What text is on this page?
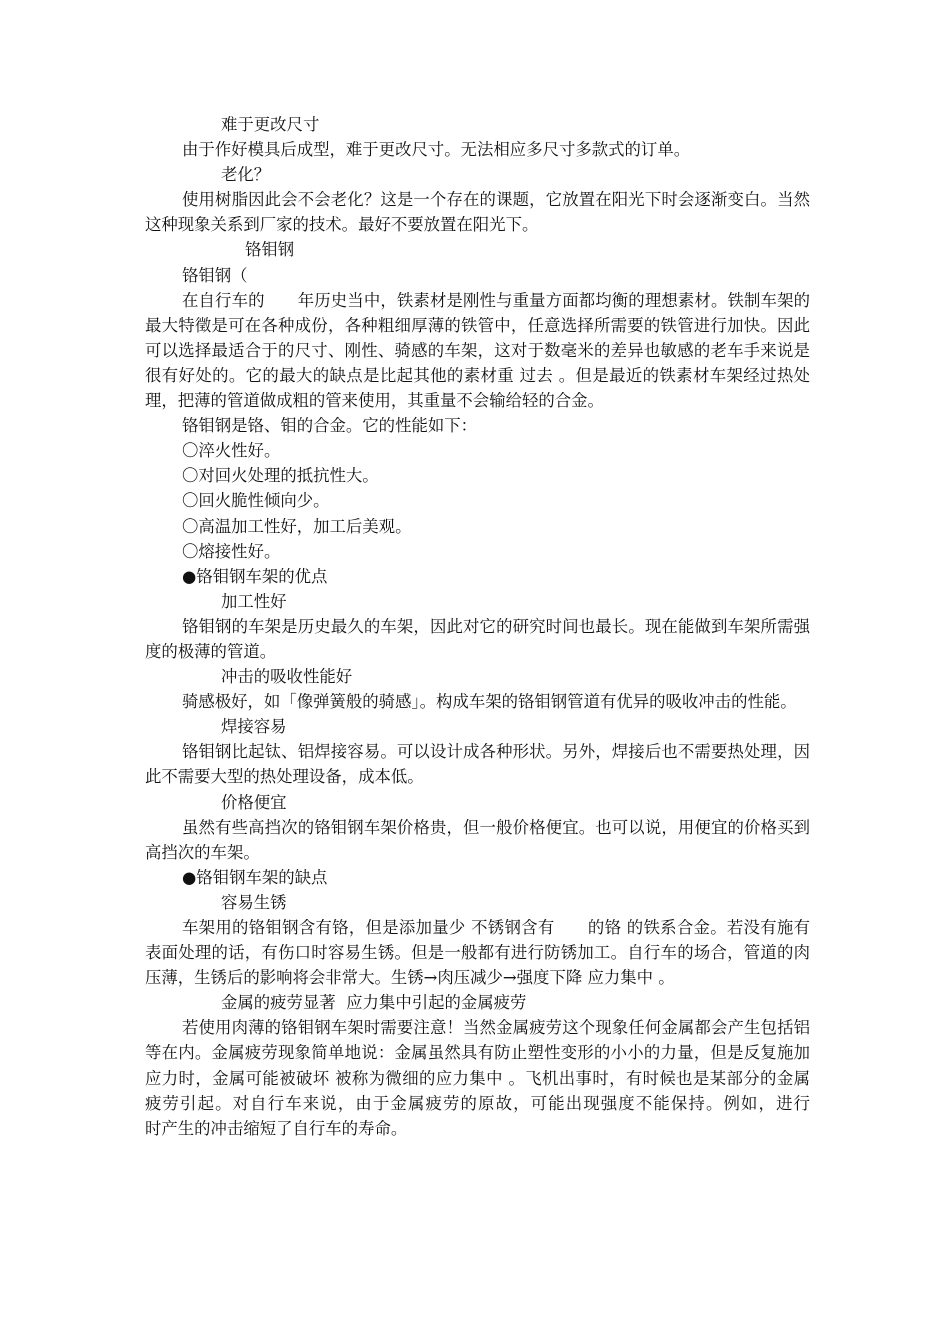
难于更改尺寸

由于作好模具后成型，难于更改尺寸。无法相应多尺寸多款式的订单。

老化？

使用树脂因此会不会老化？这是一个存在的课题，它放置在阳光下时会逐渐变白。当然这种现象关系到厂家的技术。最好不要放置在阳光下。

铬钼钢

铬钼钢（

在自行车的　　年历史当中，铁素材是刚性与重量方面都均衡的理想素材。铁制车架的最大特徵是可在各种成份，各种粗细厚薄的铁管中，任意选择所需要的铁管进行加快。因此可以选择最适合于的尺寸、刚性、骑感的车架，这对于数毫米的差异也敏感的老车手来说是很有好处的。它的最大的缺点是比起其他的素材重 过去 。但是最近的铁素材车架经过热处理，把薄的管道做成粗的管来使用，其重量不会输给轻的合金。

铬钼钢是铬、钼的合金。它的性能如下：

〇淬火性好。

〇对回火处理的抵抗性大。

〇回火脆性倾向少。

〇高温加工性好，加工后美观。

〇熔接性好。

●铬钼钢车架的优点

加工性好

铬钼钢的车架是历史最久的车架，因此对它的研究时间也最长。现在能做到车架所需强度的极薄的管道。

冲击的吸收性能好

骑感极好，如「像弹簧般的骑感」。构成车架的铬钼钢管道有优异的吸收冲击的性能。

焊接容易

铬钼钢比起钛、铝焊接容易。可以设计成各种形状。另外，焊接后也不需要热处理，因此不需要大型的热处理设备，成本低。

价格便宜

虽然有些高挡次的铬钼钢车架价格贵，但一般价格便宜。也可以说，用便宜的价格买到高挡次的车架。

●铬钼钢车架的缺点

容易生锈

车架用的铬钼钢含有铬，但是添加量少 不锈钢含有　　的铬 的铁系合金。若没有施有表面处理的话，有伤口时容易生锈。但是一般都有进行防锈加工。自行车的场合，管道的肉压薄，生锈后的影响将会非常大。生锈→肉压减少→强度下降 应力集中 。

金属的疲劳显著  应力集中引起的金属疲劳

若使用肉薄的铬钼钢车架时需要注意！当然金属疲劳这个现象任何金属都会产生包括铝等在内。金属疲劳现象简单地说：金属虽然具有防止塑性变形的小小的力量，但是反复施加应力时，金属可能被破坏 被称为微细的应力集中 。飞机出事时，有时候也是某部分的金属疲劳引起。对自行车来说，由于金属疲劳的原故，可能出现强度不能保持。例如，进行　　时产生的冲击缩短了自行车的寿命。
